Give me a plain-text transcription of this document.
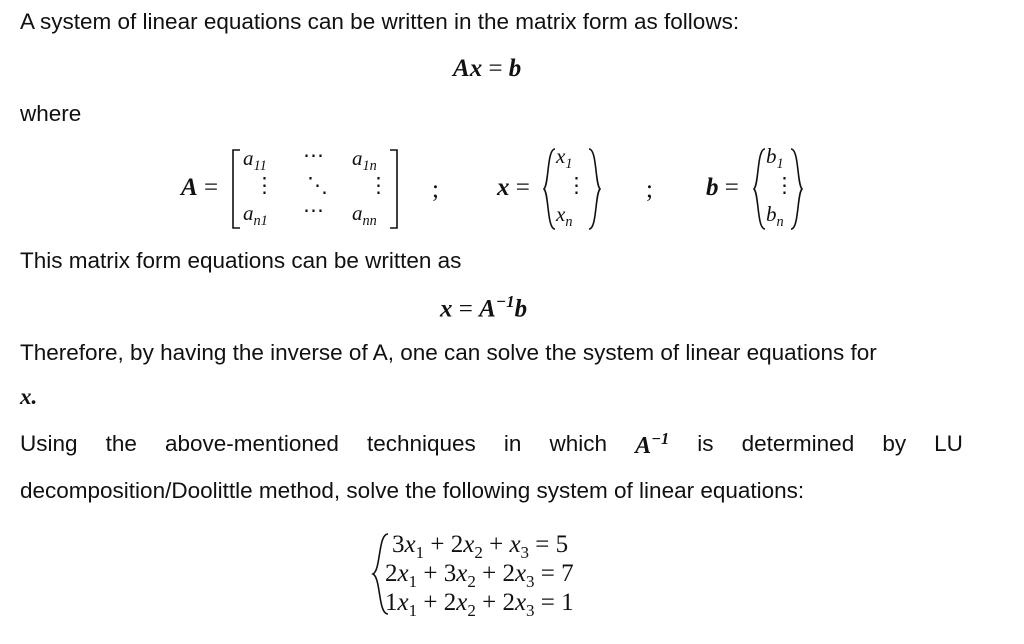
A system of linear equations can be written in the matrix form as follows:
Ax = b
where
A =
$a_{11}$ ⋯ $a_{1n}$
⋮ ⋱ ⋮
$a_{n1}$ ⋯ $a_{nn}$
; x =
$x_1$
⋮
$x_n$
; b =
$b_1$
⋮
$b_n$
This matrix form equations can be written as
$x = A^{-1}b$
Therefore, by having the inverse of A, one can solve the system of linear equations for
x.
Using the above-mentioned techniques in which $A^{-1}$ is determined by LU
decomposition/Doolittle method, solve the following system of linear equations:
$3x_1 + 2x_2 + x_3 = 5$
$2x_1 + 3x_2 + 2x_3 = 7$
$1x_1 + 2x_2 + 2x_3 = 1$
